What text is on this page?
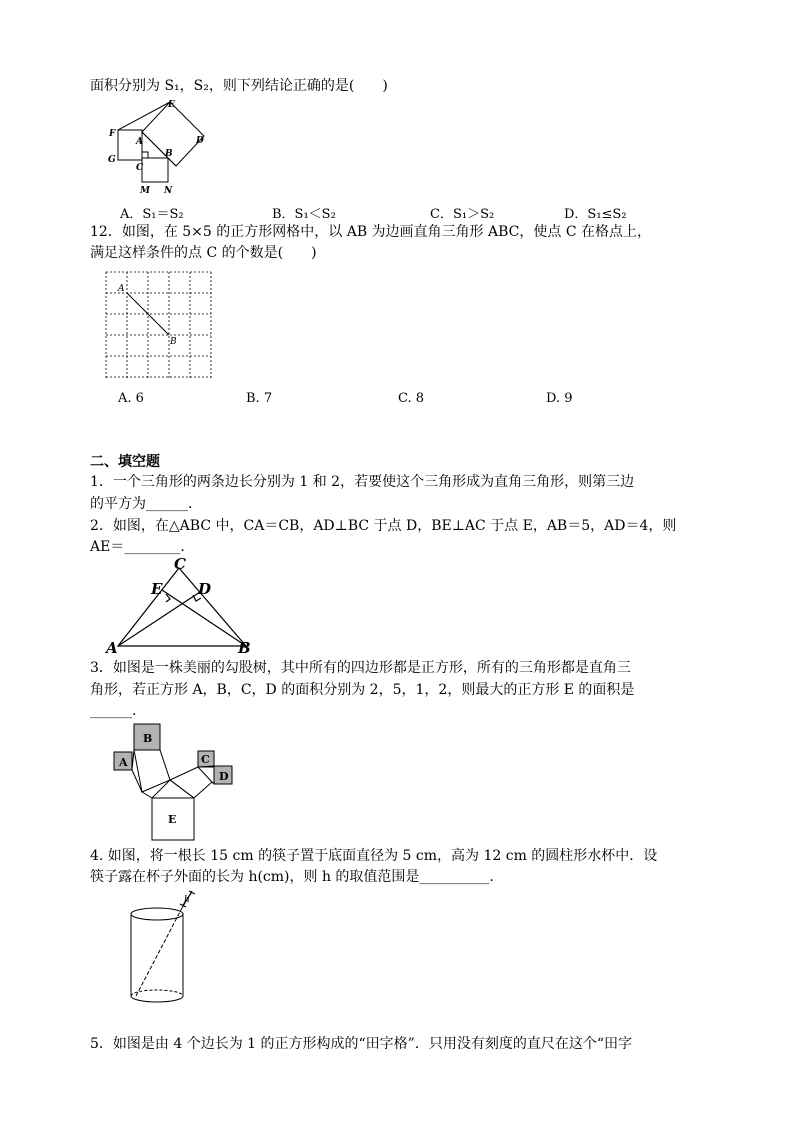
面积分别为 S₁，S₂，则下列结论正确的是(　　)
E
F
A	D
G
C
B
M N
A．S₁＝S₂	B．S₁＜S₂	C．S₁＞S₂	D．S₁≤S₂
12．如图，在 5×5 的正方形网格中，以 AB 为边画直角三角形 ABC，使点 C 在格点上，
满足这样条件的点 C 的个数是(　　)
A
B
A. 6	B. 7	C. 8	D. 9
二、填空题
1．一个三角形的两条边长分别为 1 和 2，若要使这个三角形成为直角三角形，则第三边
的平方为______.
2．如图，在△ABC 中，CA＝CB，AD⊥BC 于点 D，BE⊥AC 于点 E，AB＝5，AD＝4，则
AE＝________.
C
E D
A	B
3．如图是一株美丽的勾股树，其中所有的四边形都是正方形，所有的三角形都是直角三
角形，若正方形 A，B，C，D 的面积分别为 2，5，1，2，则最大的正方形 E 的面积是
______.
B
A	C
D
E
4. 如图，将一根长 15 cm 的筷子置于底面直径为 5 cm，高为 12 cm 的圆柱形水杯中．设
筷子露在杯子外面的长为 h(cm)，则 h 的取值范围是__________.
h
5．如图是由 4 个边长为 1 的正方形构成的“田字格”．只用没有刻度的直尺在这个“田字
